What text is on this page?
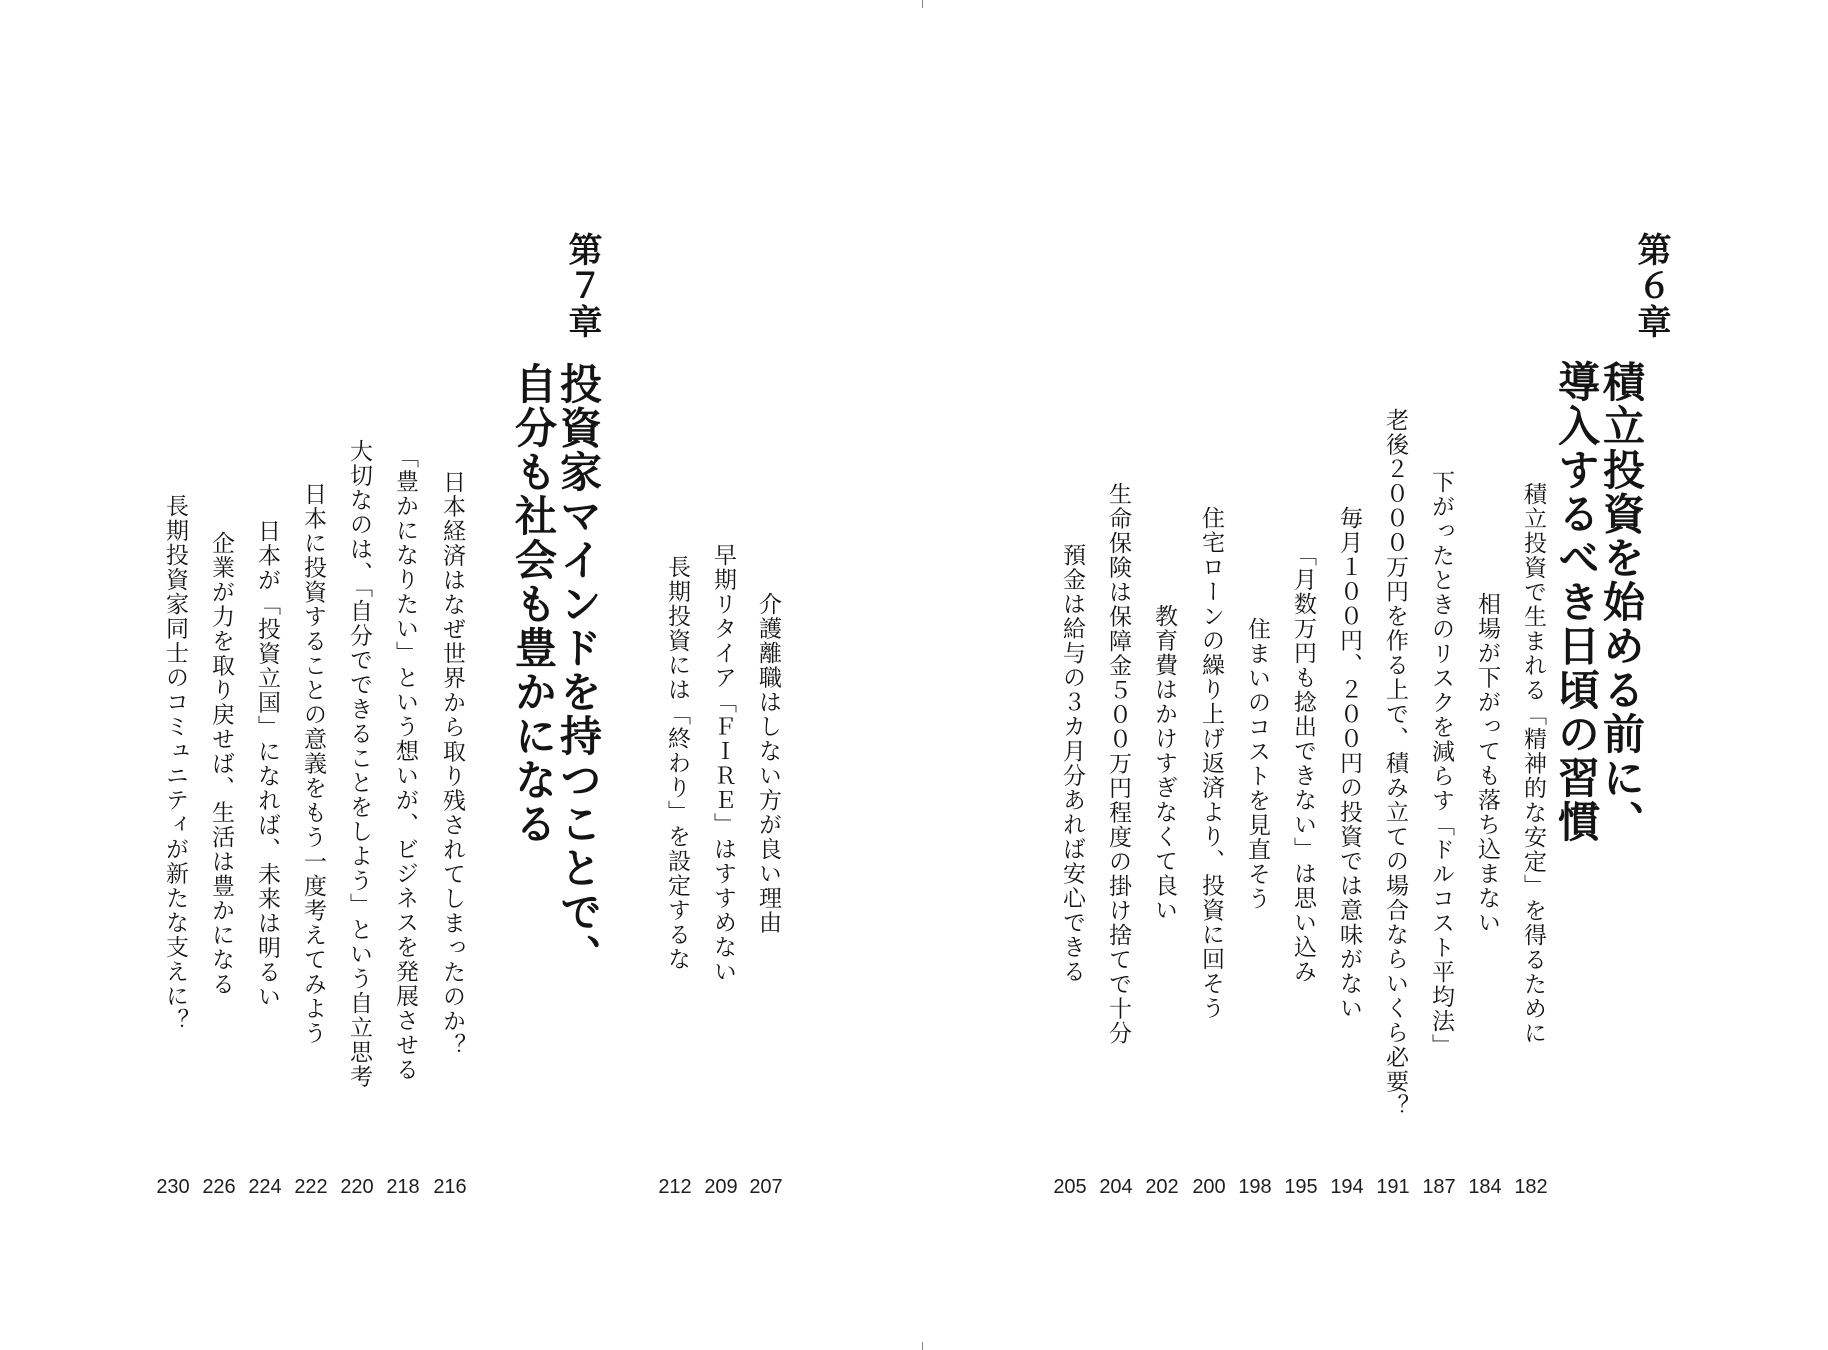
第６章
積立投資を始める前に、
導入するべき日頃の習慣
積立投資で生まれる「精神的な安定」を得るために
182
相場が下がっても落ち込まない
184
下がったときのリスクを減らす「ドルコスト平均法」
187
老後２０００万円を作る上で、積み立ての場合ならいくら必要？
191
毎月１００円、２００円の投資では意味がない
194
「月数万円も捻出できない」は思い込み
195
住まいのコストを見直そう
198
住宅ローンの繰り上げ返済より、投資に回そう
200
教育費はかけすぎなくて良い
202
生命保険は保障金５００万円程度の掛け捨てで十分
204
預金は給与の３カ月分あれば安心できる
205
介護離職はしない方が良い理由
207
早期リタイア「ＦＩＲＥ」はすすめない
209
長期投資には「終わり」を設定するな
212
第７章
投資家マインドを持つことで、
自分も社会も豊かになる
日本経済はなぜ世界から取り残されてしまったのか？
216
「豊かになりたい」という想いが、ビジネスを発展させる
218
大切なのは、「自分でできることをしよう」という自立思考
220
日本に投資することの意義をもう一度考えてみよう
222
日本が「投資立国」になれば、未来は明るい
224
企業が力を取り戻せば、生活は豊かになる
226
長期投資家同士のコミュニティが新たな支えに？
230
